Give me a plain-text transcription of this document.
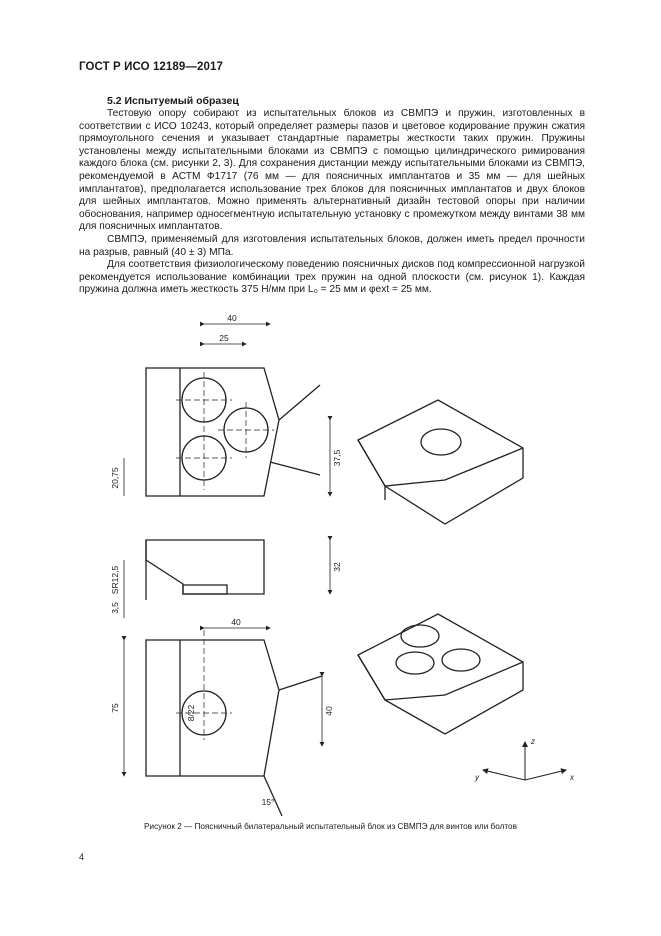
ГОСТ Р ИСО 12189—2017
5.2 Испытуемый образец

Тестовую опору собирают из испытательных блоков из СВМПЭ и пружин, изготовленных в соответствии с ИСО 10243, который определяет размеры пазов и цветовое кодирование пружин сжатия прямоугольного сечения и указывает стандартные параметры жесткости таких пружин. Пружины установлены между испытательными блоками из СВМПЭ с помощью цилиндрического римирования каждого блока (см. рисунки 2, 3). Для сохранения дистанции между испытательными блоками из СВМПЭ, рекомендуемой в АСТМ Ф1717 (76 мм — для поясничных имплантатов и 35 мм — для шейных имплантатов), предполагается использование трех блоков для поясничных имплантатов и двух блоков для шейных имплантатов. Можно применять альтернативный дизайн тестовой опоры при наличии обоснования, например односегментную испытательную установку с промежутком между винтами 38 мм для поясничных имплантатов.

СВМПЭ, применяемый для изготовления испытательных блоков, должен иметь предел прочности на разрыв, равный (40 ± 3) МПа.

Для соответствия физиологическому поведению поясничных дисков под компрессионной нагрузкой рекомендуется использование комбинации трех пружин на одной плоскости (см. рисунок 1). Каждая пружина должна иметь жесткость 375 Н/мм при L₀ = 25 мм и φext = 25 мм.

40
25
20,75
37,5
SR12,5
3,5
32
40
75	8/22	40
15°
z
y	x
Рисунок 2 — Поясничный билатеральный испытательный блок из СВМПЭ для винтов или болтов
4
